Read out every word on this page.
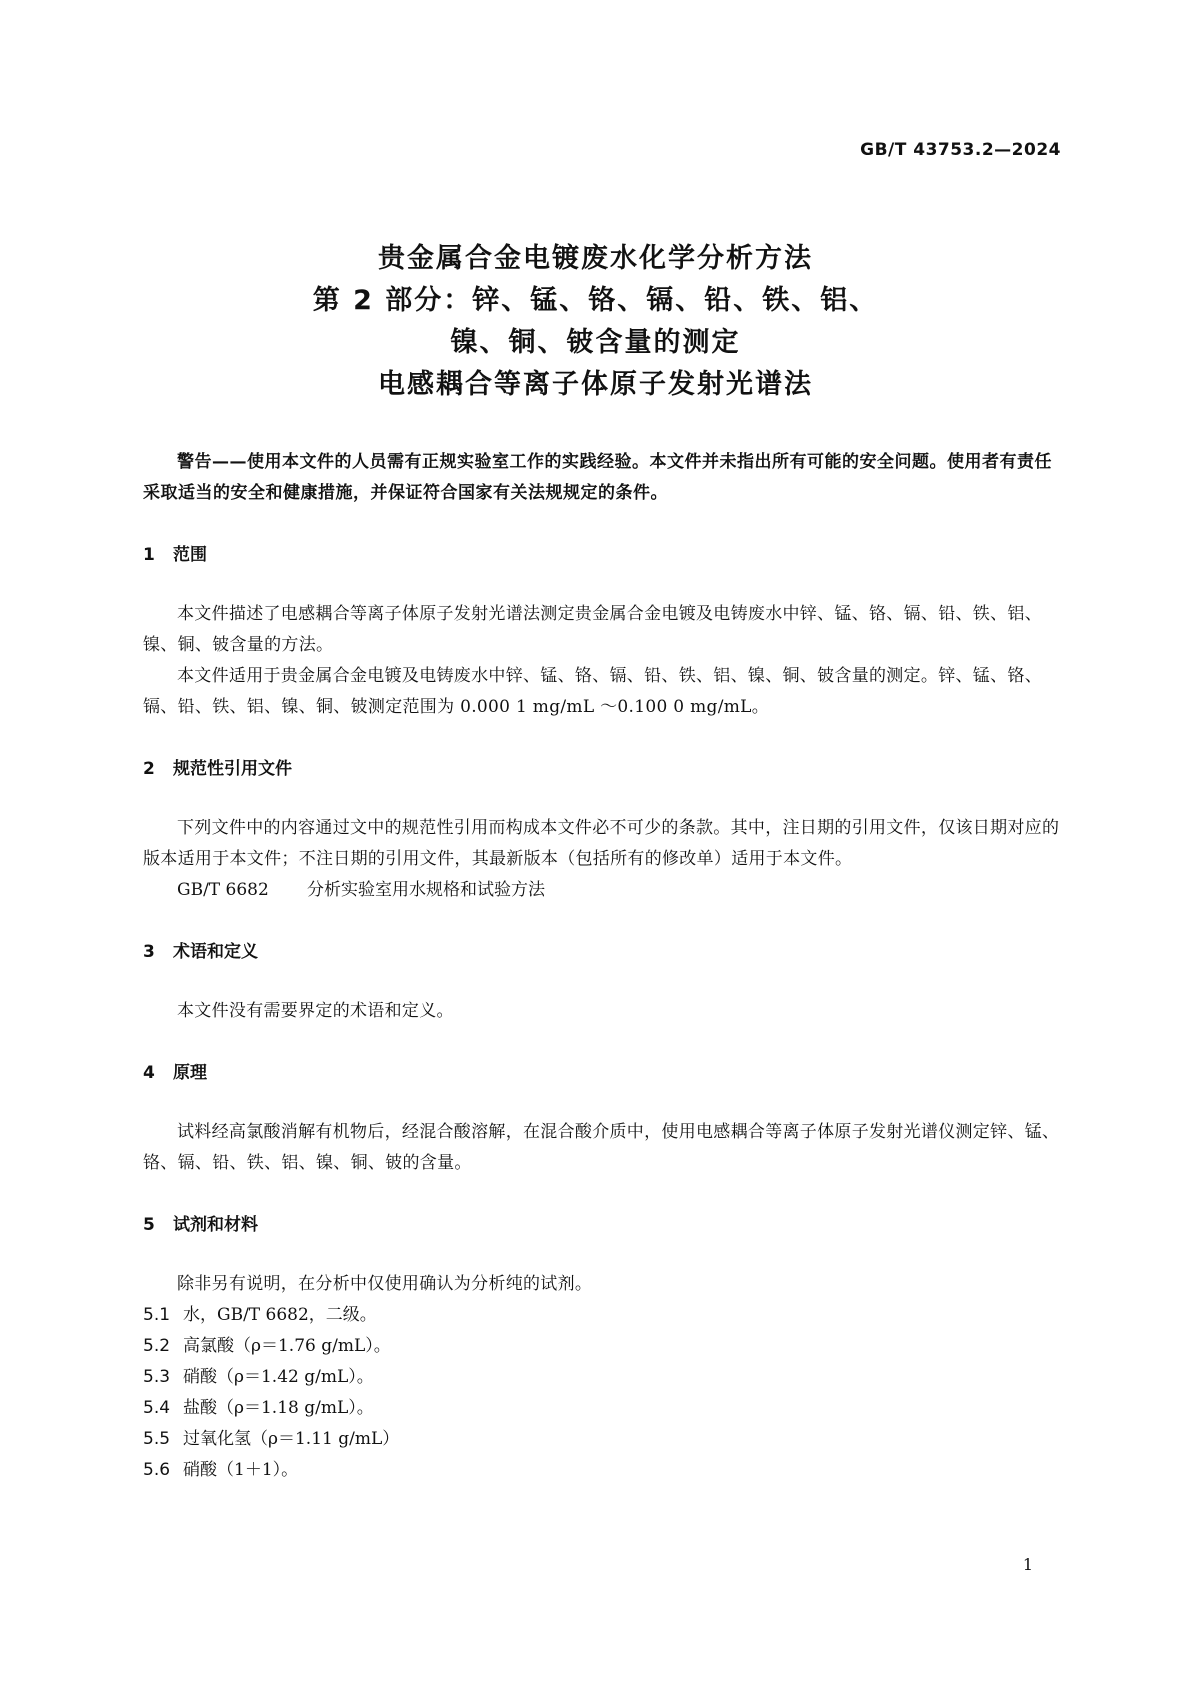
GB/T 43753.2—2024
贵金属合金电镀废水化学分析方法
第 2 部分：锌、锰、铬、镉、铅、铁、铝、
镍、铜、铍含量的测定
电感耦合等离子体原子发射光谱法

警告——使用本文件的人员需有正规实验室工作的实践经验。本文件并未指出所有可能的安全问题。使用者有责任采取适当的安全和健康措施，并保证符合国家有关法规规定的条件。

1 范围

本文件描述了电感耦合等离子体原子发射光谱法测定贵金属合金电镀及电铸废水中锌、锰、铬、镉、铅、铁、铝、镍、铜、铍含量的方法。

本文件适用于贵金属合金电镀及电铸废水中锌、锰、铬、镉、铅、铁、铝、镍、铜、铍含量的测定。锌、锰、铬、镉、铅、铁、铝、镍、铜、铍测定范围为 0.000 1 mg/mL ～0.100 0 mg/mL。

2 规范性引用文件

下列文件中的内容通过文中的规范性引用而构成本文件必不可少的条款。其中，注日期的引用文件，仅该日期对应的版本适用于本文件；不注日期的引用文件，其最新版本（包括所有的修改单）适用于本文件。

GB/T 6682 分析实验室用水规格和试验方法

3 术语和定义

本文件没有需要界定的术语和定义。

4 原理

试料经高氯酸消解有机物后，经混合酸溶解，在混合酸介质中，使用电感耦合等离子体原子发射光谱仪测定锌、锰、铬、镉、铅、铁、铝、镍、铜、铍的含量。

5 试剂和材料

除非另有说明，在分析中仅使用确认为分析纯的试剂。

5.1 水，GB/T 6682，二级。

5.2 高氯酸（ρ＝1.76 g/mL）。

5.3 硝酸（ρ＝1.42 g/mL）。

5.4 盐酸（ρ＝1.18 g/mL）。

5.5 过氧化氢（ρ＝1.11 g/mL）

5.6 硝酸（1＋1）。

1
